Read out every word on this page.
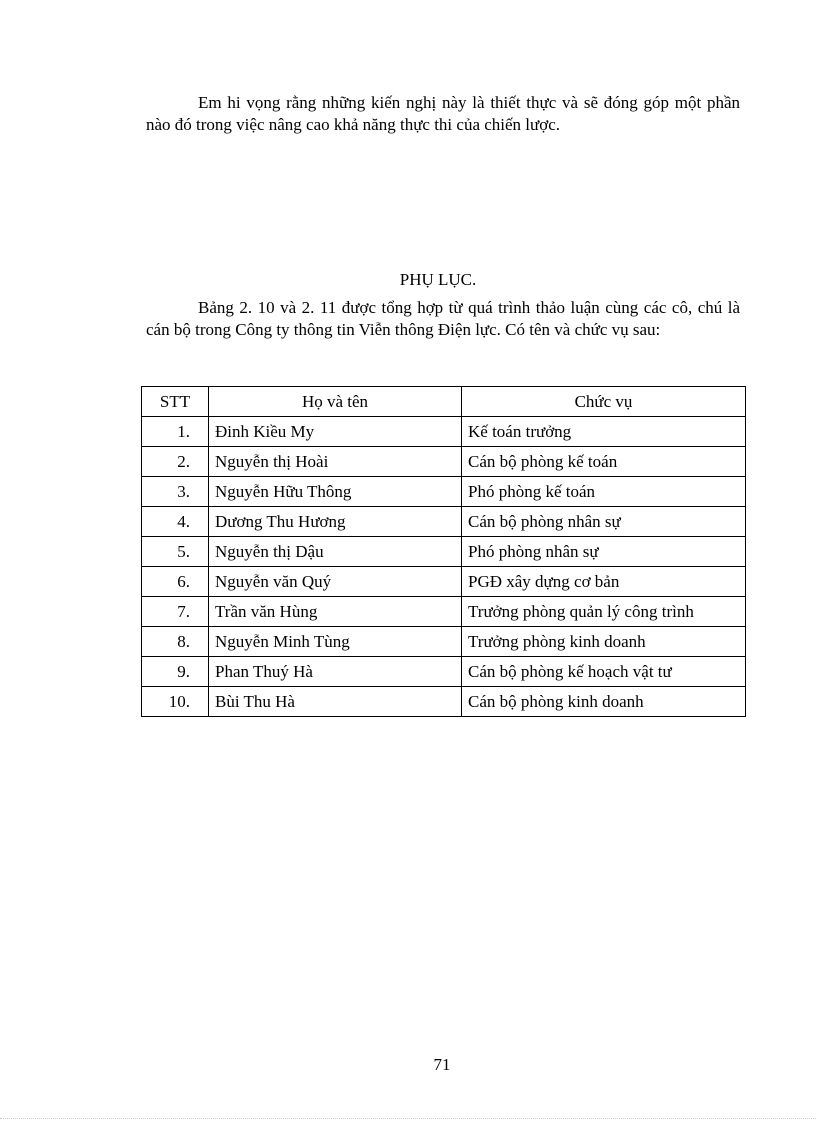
Em hi vọng rằng những kiến nghị này là thiết thực và sẽ đóng góp một phần nào đó trong việc nâng cao khả năng thực thi của chiến lược.

PHỤ LỤC.

Bảng 2. 10 và 2. 11 được tổng hợp từ quá trình thảo luận cùng các cô, chú là cán bộ trong Công ty thông tin Viễn thông Điện lực. Có tên và chức vụ sau:

STT	Họ và tên	Chức vụ
1.	Đinh Kiều My	Kế toán trưởng
2.	Nguyễn thị Hoài	Cán bộ phòng kế toán
3.	Nguyễn Hữu Thông	Phó phòng kế toán
4.	Dương Thu Hương	Cán bộ phòng nhân sự
5.	Nguyễn thị Dậu	Phó phòng nhân sự
6.	Nguyễn văn Quý	PGĐ xây dựng cơ bản
7.	Trần văn Hùng	Trưởng phòng quản lý công trình
8.	Nguyễn Minh Tùng	Trưởng phòng kinh doanh
9.	Phan Thuý Hà	Cán bộ phòng kế hoạch vật tư
10.	Bùi Thu Hà	Cán bộ phòng kinh doanh
71
